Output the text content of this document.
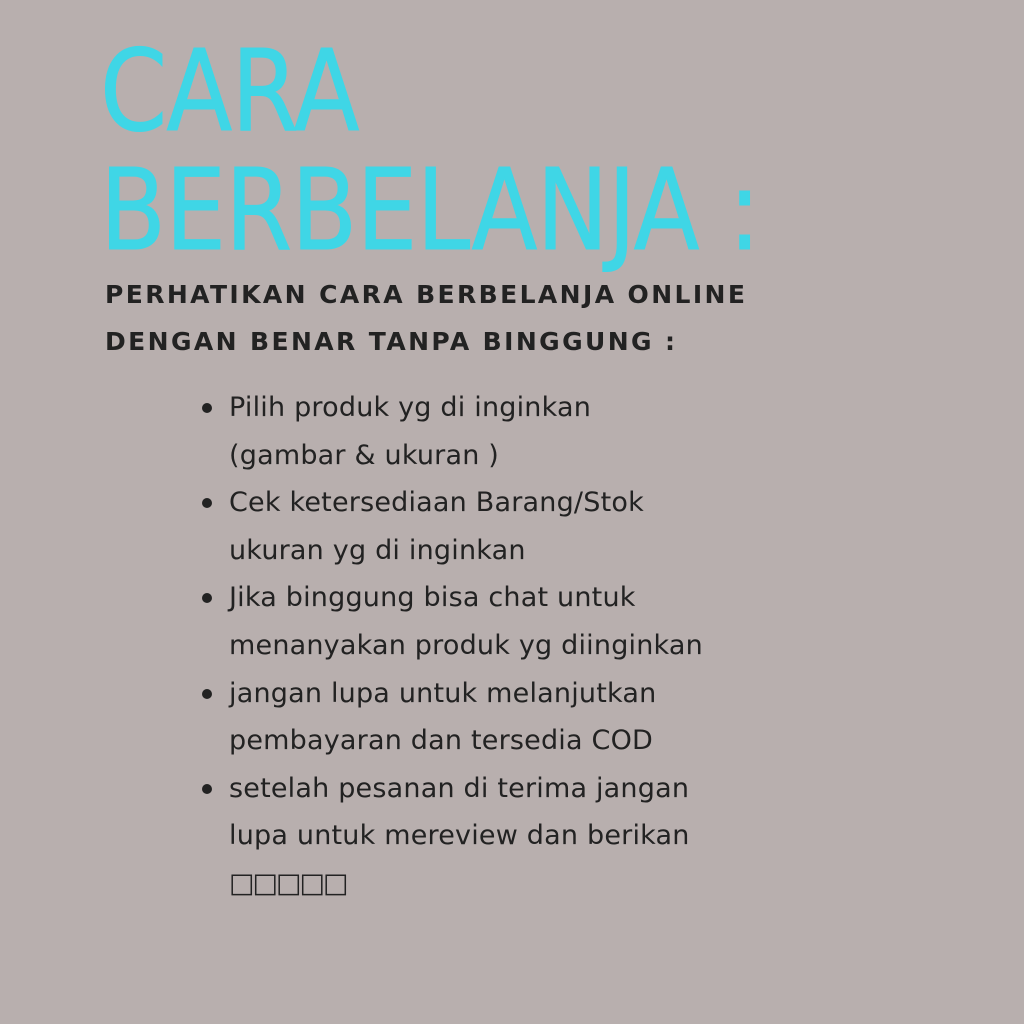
CARA
BERBELANJA :

PERHATIKAN CARA BERBELANJA ONLINE

DENGAN BENAR TANPA BINGGUNG :

Pilih produk yg di inginkan
(gambar & ukuran )
Cek ketersediaan Barang/Stok
ukuran yg di inginkan
Jika binggung bisa chat untuk
menanyakan produk yg diinginkan
jangan lupa untuk melanjutkan
pembayaran dan tersedia COD
setelah pesanan di terima jangan
lupa untuk mereview dan berikan
□□□□□
